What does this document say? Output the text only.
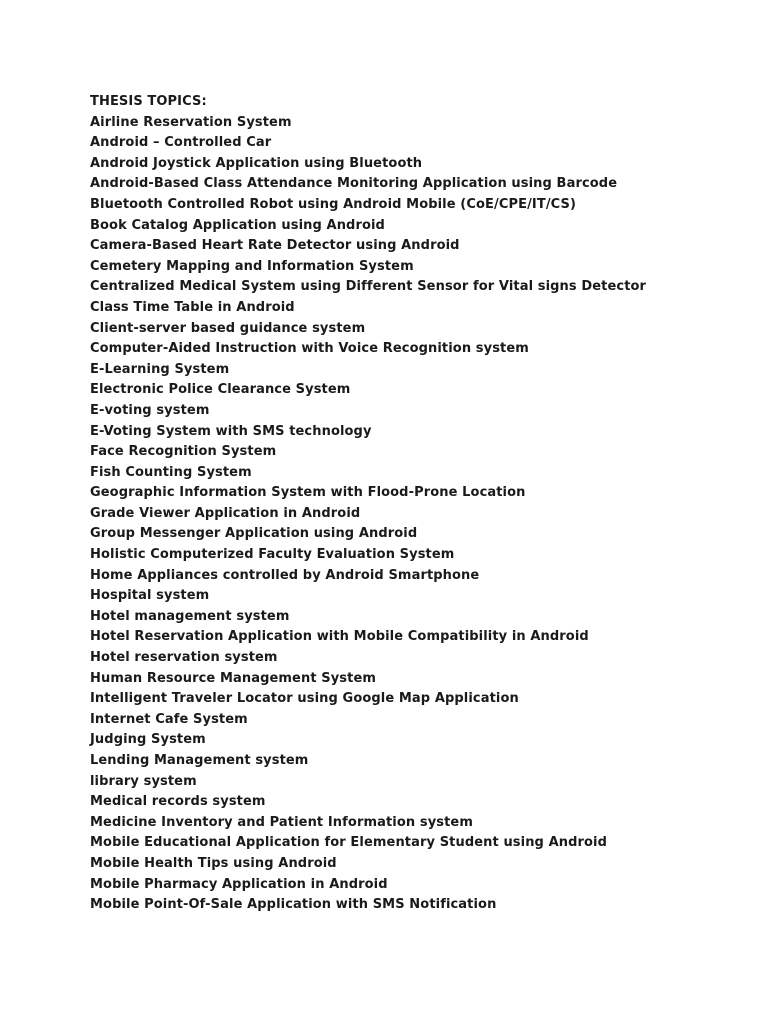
THESIS TOPICS:
Airline Reservation System
Android – Controlled Car
Android Joystick Application using Bluetooth
Android-Based Class Attendance Monitoring Application using Barcode
Bluetooth Controlled Robot using Android Mobile (CoE/CPE/IT/CS)
Book Catalog Application using Android
Camera-Based Heart Rate Detector using Android
Cemetery Mapping and Information System
Centralized Medical System using Different Sensor for Vital signs Detector
Class Time Table in Android
Client-server based guidance system
Computer-Aided Instruction with Voice Recognition system
E-Learning System
Electronic Police Clearance System
E-voting system
E-Voting System with SMS technology
Face Recognition System
Fish Counting System
Geographic Information System with Flood-Prone Location
Grade Viewer Application in Android
Group Messenger Application using Android
Holistic Computerized Faculty Evaluation System
Home Appliances controlled by Android Smartphone
Hospital system
Hotel management system
Hotel Reservation Application with Mobile Compatibility in Android
Hotel reservation system
Human Resource Management System
Intelligent Traveler Locator using Google Map Application
Internet Cafe System
Judging System
Lending Management system
library system
Medical records system
Medicine Inventory and Patient Information system
Mobile Educational Application for Elementary Student using Android
Mobile Health Tips using Android
Mobile Pharmacy Application in Android
Mobile Point-Of-Sale Application with SMS Notification
